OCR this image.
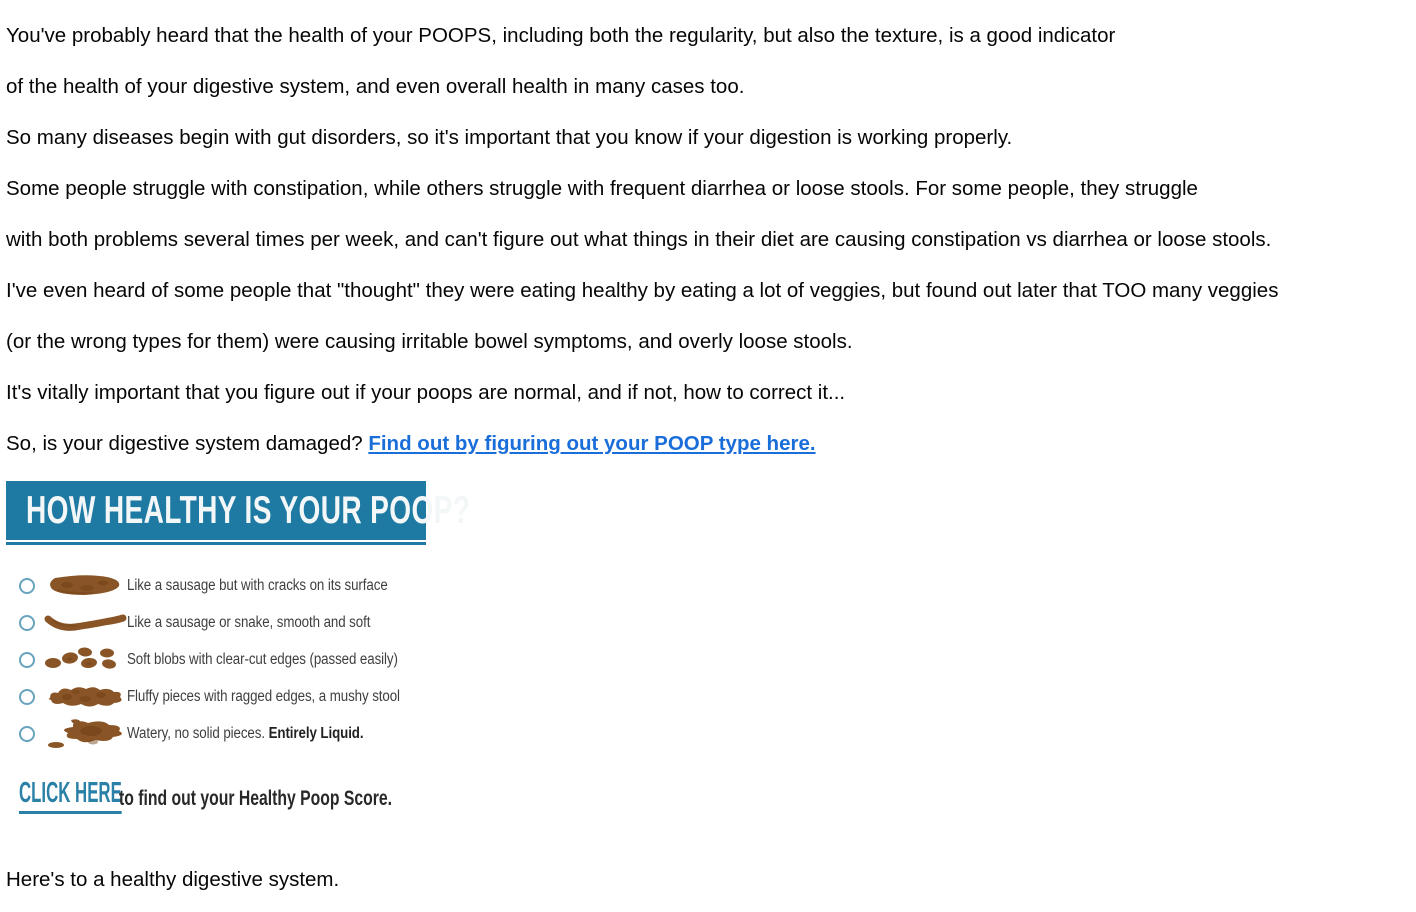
You've probably heard that the health of your POOPS, including both the regularity, but also the texture, is a good indicator
of the health of your digestive system, and even overall health in many cases too.
So many diseases begin with gut disorders, so it's important that you know if your digestion is working properly.
Some people struggle with constipation, while others struggle with frequent diarrhea or loose stools. For some people, they struggle
with both problems several times per week, and can't figure out what things in their diet are causing constipation vs diarrhea or loose stools.
I've even heard of some people that "thought" they were eating healthy by eating a lot of veggies, but found out later that TOO many veggies
(or the wrong types for them) were causing irritable bowel symptoms, and overly loose stools.
It's vitally important that you figure out if your poops are normal, and if not, how to correct it...
So, is your digestive system damaged? Find out by figuring out your POOP type here.
HOW HEALTHY IS YOUR POOP?
Like a sausage but with cracks on its surface
Like a sausage or snake, smooth and soft
Soft blobs with clear-cut edges (passed easily)
Fluffy pieces with ragged edges, a mushy stool
Watery, no solid pieces. Entirely Liquid.
CLICK HERE
to find out your Healthy Poop Score.
Here's to a healthy digestive system.
